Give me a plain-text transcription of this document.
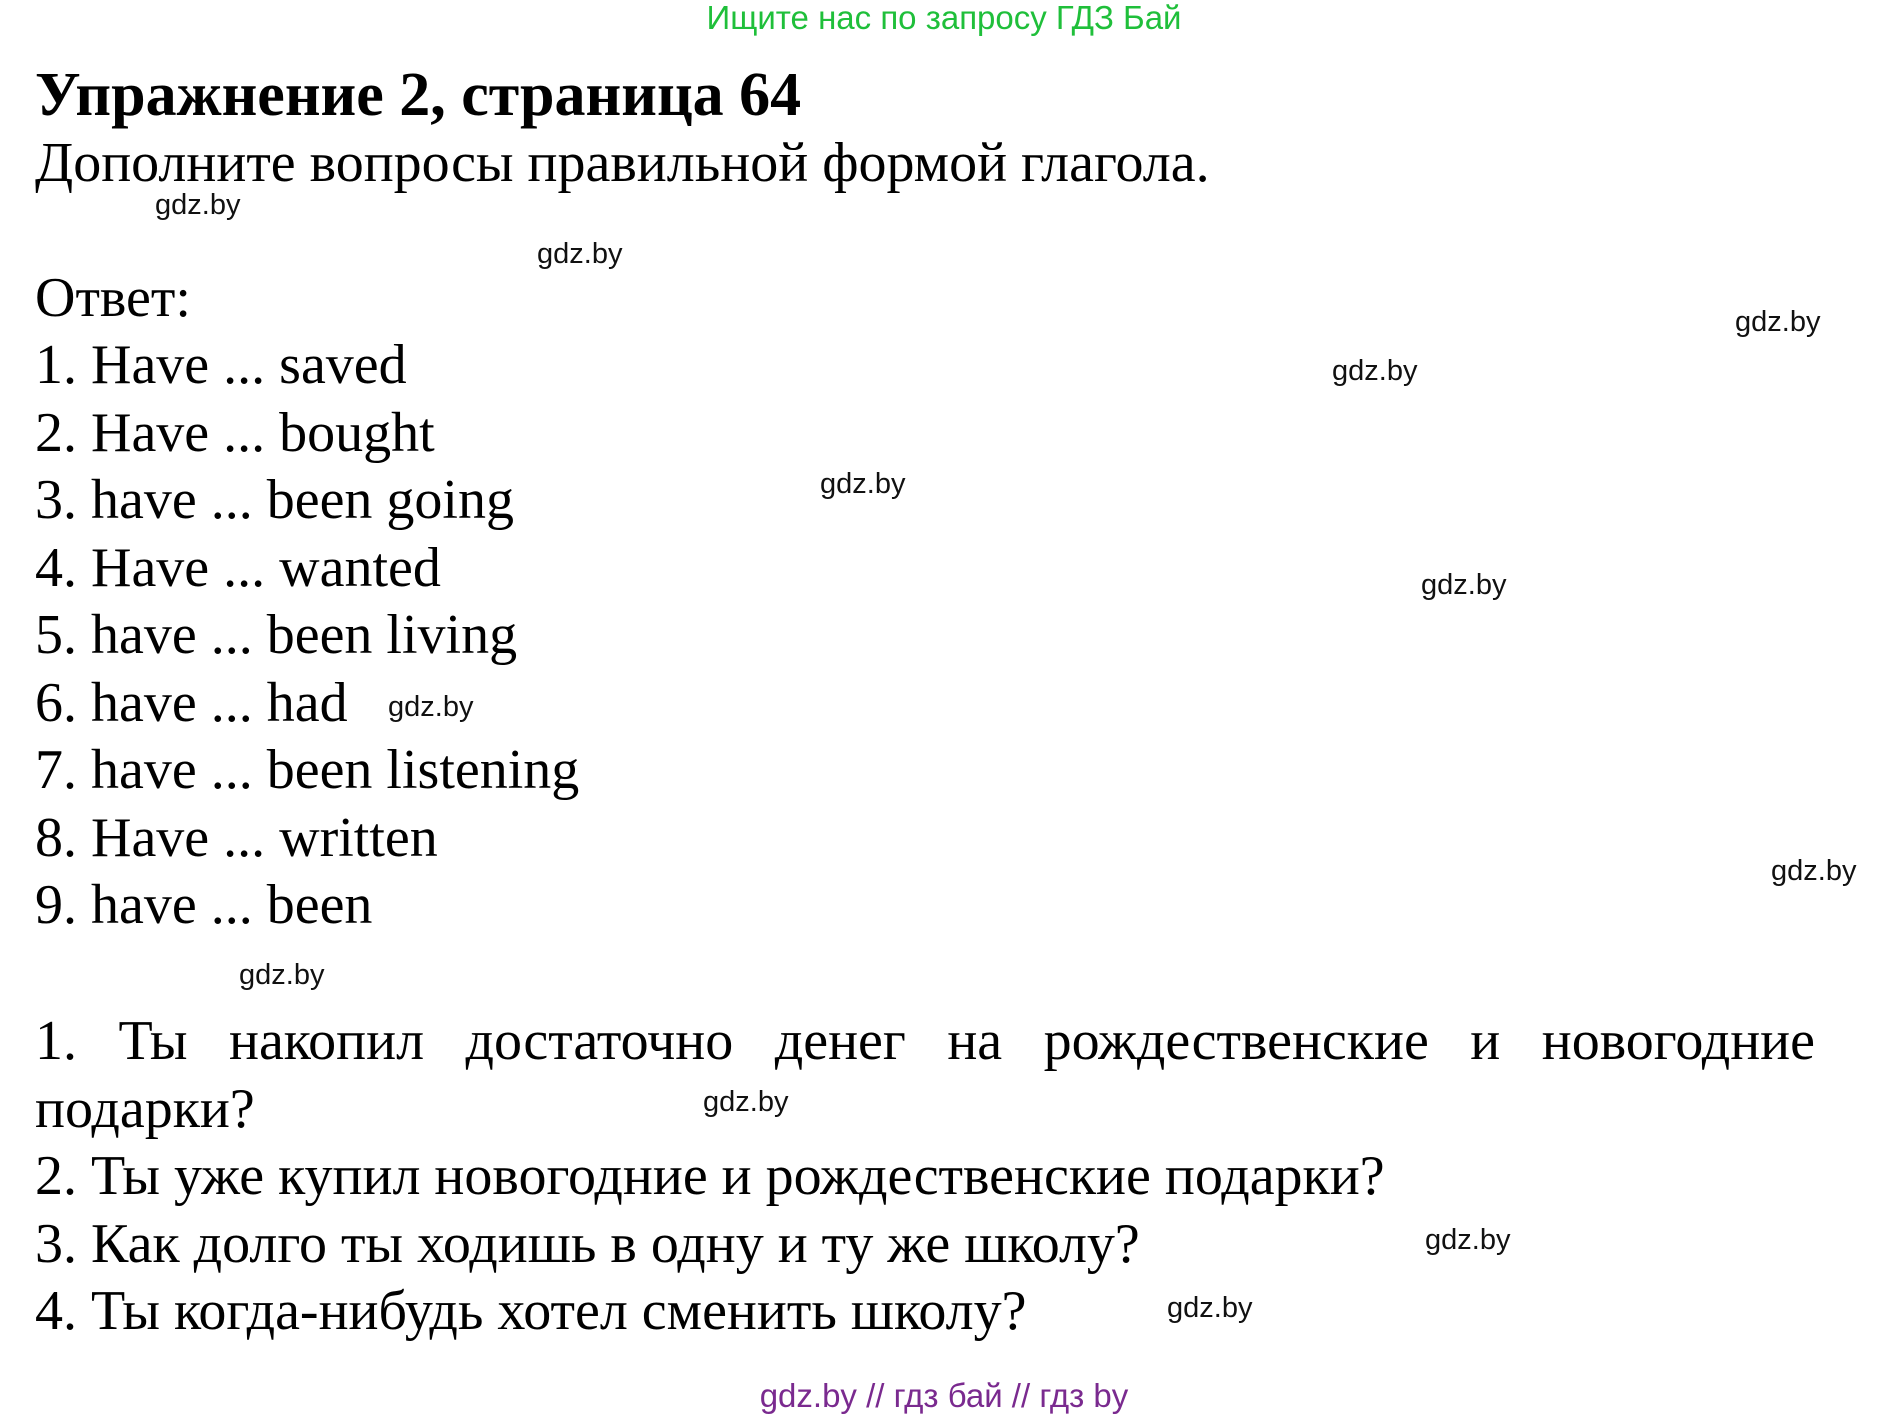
Ищите нас по запросу ГДЗ Бай
Упражнение 2, страница 64

Дополните вопросы правильной формой глагола.

Ответ:

1. Have ... saved
2. Have ... bought
3. have ... been going
4. Have ... wanted
5. have ... been living
6. have ... had
7. have ... been listening
8. Have ... written
9. have ... been
1. Ты накопил достаточно денег на рождественские и новогодние подарки?
2. Ты уже купил новогодние и рождественские подарки?
3. Как долго ты ходишь в одну и ту же школу?
4. Ты когда-нибудь хотел сменить школу?
gdz.by
gdz.by
gdz.by
gdz.by
gdz.by
gdz.by
gdz.by
gdz.by
gdz.by
gdz.by
gdz.by
gdz.by
gdz.by // гдз бай // гдз by
